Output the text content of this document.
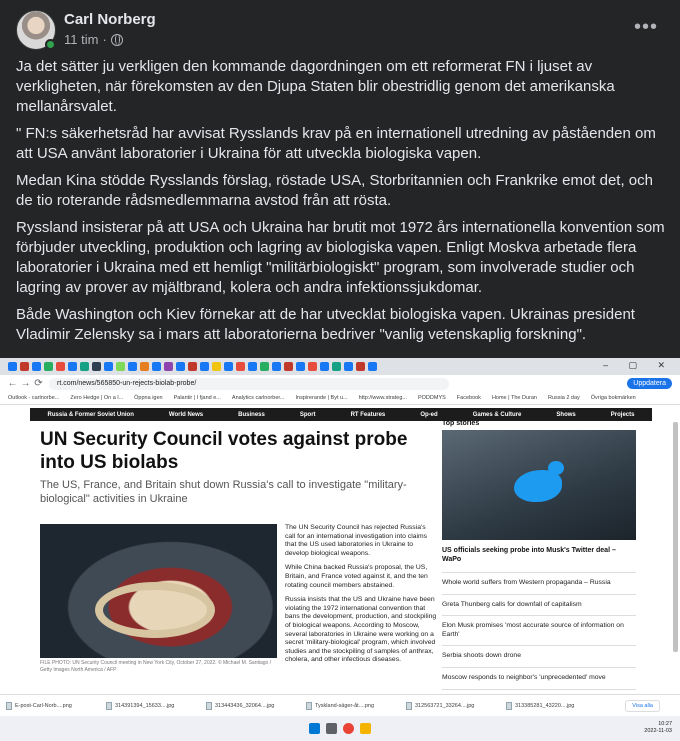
Carl Norberg
11 tim ·
•••

Ja det sätter ju verkligen den kommande dagordningen om ett reformerat FN i ljuset av verkligheten, när förekomsten av den Djupa Staten blir obestridlig genom det amerikanska mellanårsvalet.

" FN:s säkerhetsråd har avvisat Rysslands krav på en internationell utredning av påståenden om att USA använt laboratorier i Ukraina för att utveckla biologiska vapen.

Medan Kina stödde Rysslands förslag, röstade USA, Storbritannien och Frankrike emot det, och de tio roterande rådsmedlemmarna avstod från att rösta.

Ryssland insisterar på att USA och Ukraina har brutit mot 1972 års internationella konvention som förbjuder utveckling, produktion och lagring av biologiska vapen. Enligt Moskva arbetade flera laboratorier i Ukraina med ett hemligt "militärbiologiskt" program, som involverade studier och lagring av prover av mjältbrand, kolera och andra infektionssjukdomar.

Både Washington och Kiev förnekar att de har utvecklat biologiska vapen. Ukrainas president Vladimir Zelensky sa i mars att laboratorierna bedriver "vanlig vetenskaplig forskning".

– ▢ ✕
← → ⟳	rt.com/news/565850-un-rejects-biolab-probe/	Uppdatera
Outlook - carlnorbe... Zero Hedge | On a l... Öppna igen Palantir | I fjand e... Analytics carlnorber... Inspirerande | Byt u... http://www.strateg... PODDMYS Facebook Home | The Duran Russia 2 day Övriga bokmärken
Russia & Former Soviet Union	World News	Business	Sport	RT Features	Op-ed	Games & Culture	Shows	Projects
UN Security Council votes against probe into US biolabs
The US, France, and Britain shut down Russia's call to investigate "military-biological" activities in Ukraine
FILE PHOTO: UN Security Council meeting in New York City, October 27, 2022. © Michael M. Santiago / Getty Images North America / AFP

The UN Security Council has rejected Russia's call for an international investigation into claims that the US used laboratories in Ukraine to develop biological weapons.

While China backed Russia's proposal, the US, Britain, and France voted against it, and the ten rotating council members abstained.

Russia insists that the US and Ukraine have been violating the 1972 international convention that bans the development, production, and stockpiling of biological weapons. According to Moscow, several laboratories in Ukraine were working on a secret 'military-biological' program, which involved studies and the stockpiling of samples of anthrax, cholera, and other infectious diseases.

Top stories
US officials seeking probe into Musk's Twitter deal – WaPo
Whole world suffers from Western propaganda – Russia
Greta Thunberg calls for downfall of capitalism
Elon Musk promises 'most accurate source of information on Earth'
Serbia shoots down drone
Moscow responds to neighbor's 'unprecedented' move
E-post-Carl-Norb....png	314391394_15633....jpg	313443436_32064....jpg	Tyskland-säger-åt....png	312563721_33264....jpg	313385281_43220....jpg	Visa alla
10:27
2022-11-03
